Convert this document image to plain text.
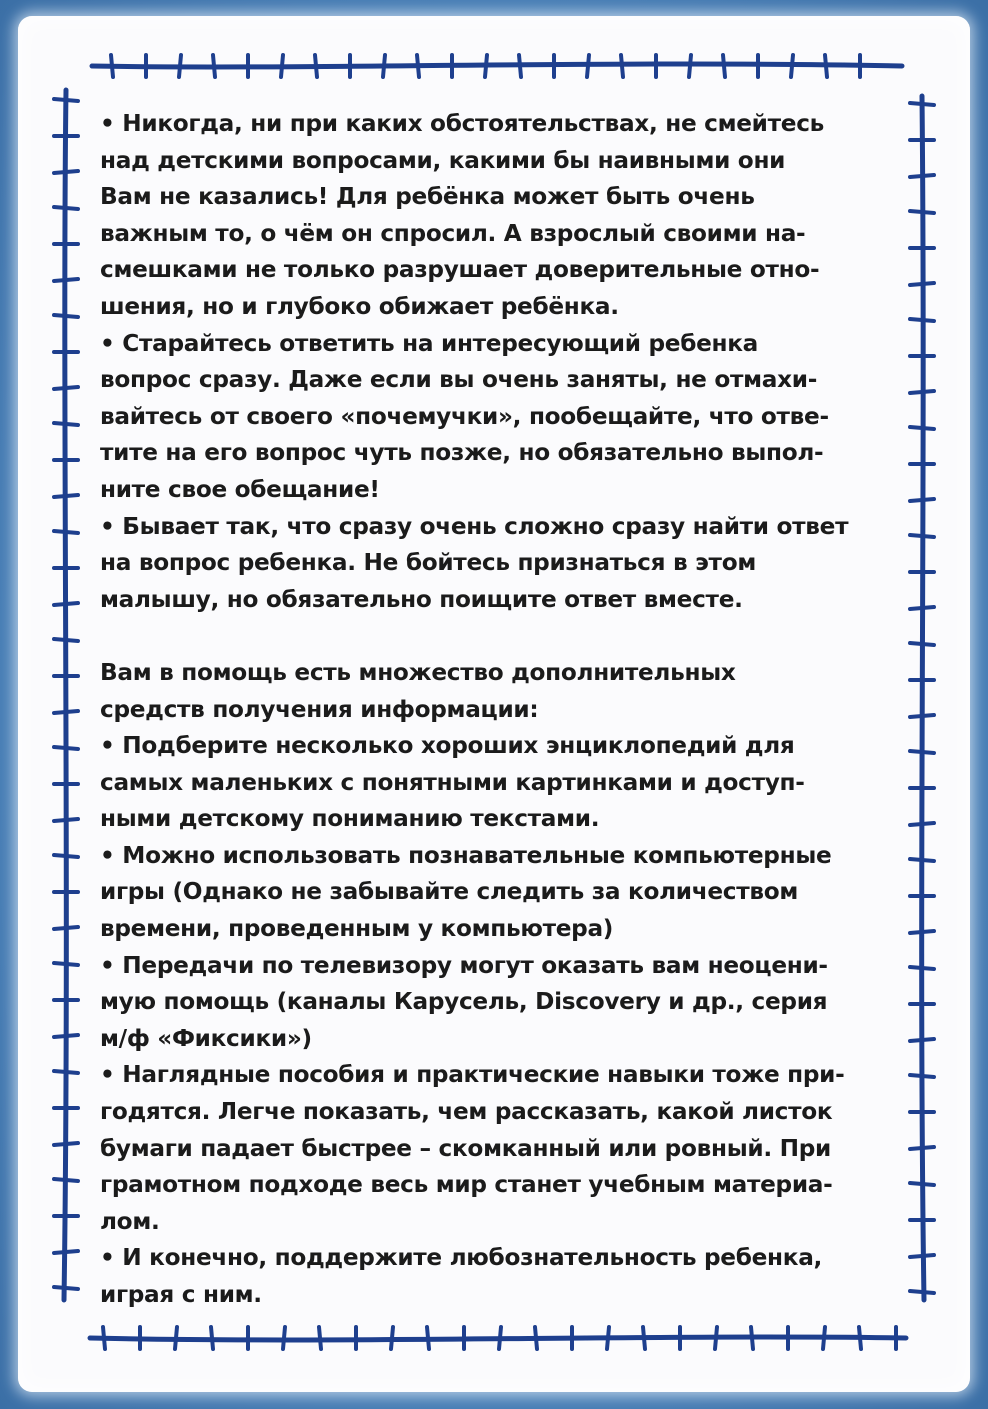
• Никогда, ни при каких обстоятельствах, не смейтесь
над детскими вопросами, какими бы наивными они
Вам не казались! Для ребёнка может быть очень
важным то, о чём он спросил. А взрослый своими на-
смешками не только разрушает доверительные отно-
шения, но и глубоко обижает ребёнка.
• Старайтесь ответить на интересующий ребенка
вопрос сразу. Даже если вы очень заняты, не отмахи-
вайтесь от своего «почемучки», пообещайте, что отве-
тите на его вопрос чуть позже, но обязательно выпол-
ните свое обещание!
• Бывает так, что сразу очень сложно сразу найти ответ
на вопрос ребенка. Не бойтесь признаться в этом
малышу, но обязательно поищите ответ вместе.
Вам в помощь есть множество дополнительных
средств получения информации:
• Подберите несколько хороших энциклопедий для
самых маленьких с понятными картинками и доступ-
ными детскому пониманию текстами.
• Можно использовать познавательные компьютерные
игры (Однако не забывайте следить за количеством
времени, проведенным у компьютера)
• Передачи по телевизору могут оказать вам неоцени-
мую помощь (каналы Карусель, Discovery и др., серия
м/ф «Фиксики»)
• Наглядные пособия и практические навыки тоже при-
годятся. Легче показать, чем рассказать, какой листок
бумаги падает быстрее – скомканный или ровный. При
грамотном подходе весь мир станет учебным материа-
лом.
• И конечно, поддержите любознательность ребенка,
играя с ним.
